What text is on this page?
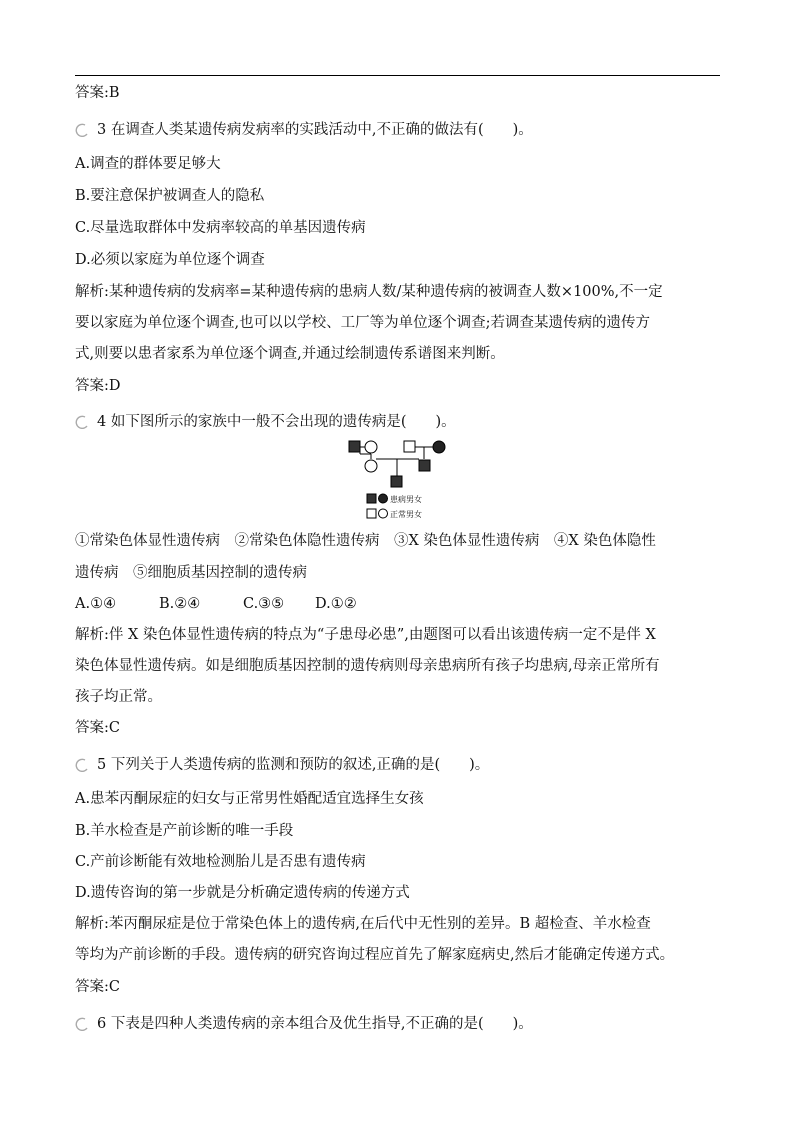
答案:B
3 在调查人类某遗传病发病率的实践活动中,不正确的做法有(　　)。
A.调查的群体要足够大
B.要注意保护被调查人的隐私
C.尽量选取群体中发病率较高的单基因遗传病
D.必须以家庭为单位逐个调查
解析:某种遗传病的发病率=某种遗传病的患病人数/某种遗传病的被调查人数×100%,不一定
要以家庭为单位逐个调查,也可以以学校、工厂等为单位逐个调查;若调查某遗传病的遗传方
式,则要以患者家系为单位逐个调查,并通过绘制遗传系谱图来判断。
答案:D
4 如下图所示的家族中一般不会出现的遗传病是(　　)。
患病男女
正常男女
①常染色体显性遗传病　②常染色体隐性遗传病　③X 染色体显性遗传病　④X 染色体隐性
遗传病　⑤细胞质基因控制的遗传病
A.①④	B.②④	C.③⑤ D.①②
解析:伴 X 染色体显性遗传病的特点为“子患母必患”,由题图可以看出该遗传病一定不是伴 X
染色体显性遗传病。如是细胞质基因控制的遗传病则母亲患病所有孩子均患病,母亲正常所有
孩子均正常。
答案:C
5 下列关于人类遗传病的监测和预防的叙述,正确的是(　　)。
A.患苯丙酮尿症的妇女与正常男性婚配适宜选择生女孩
B.羊水检查是产前诊断的唯一手段
C.产前诊断能有效地检测胎儿是否患有遗传病
D.遗传咨询的第一步就是分析确定遗传病的传递方式
解析:苯丙酮尿症是位于常染色体上的遗传病,在后代中无性别的差异。B 超检查、羊水检查
等均为产前诊断的手段。遗传病的研究咨询过程应首先了解家庭病史,然后才能确定传递方式。
答案:C
6 下表是四种人类遗传病的亲本组合及优生指导,不正确的是(　　)。
